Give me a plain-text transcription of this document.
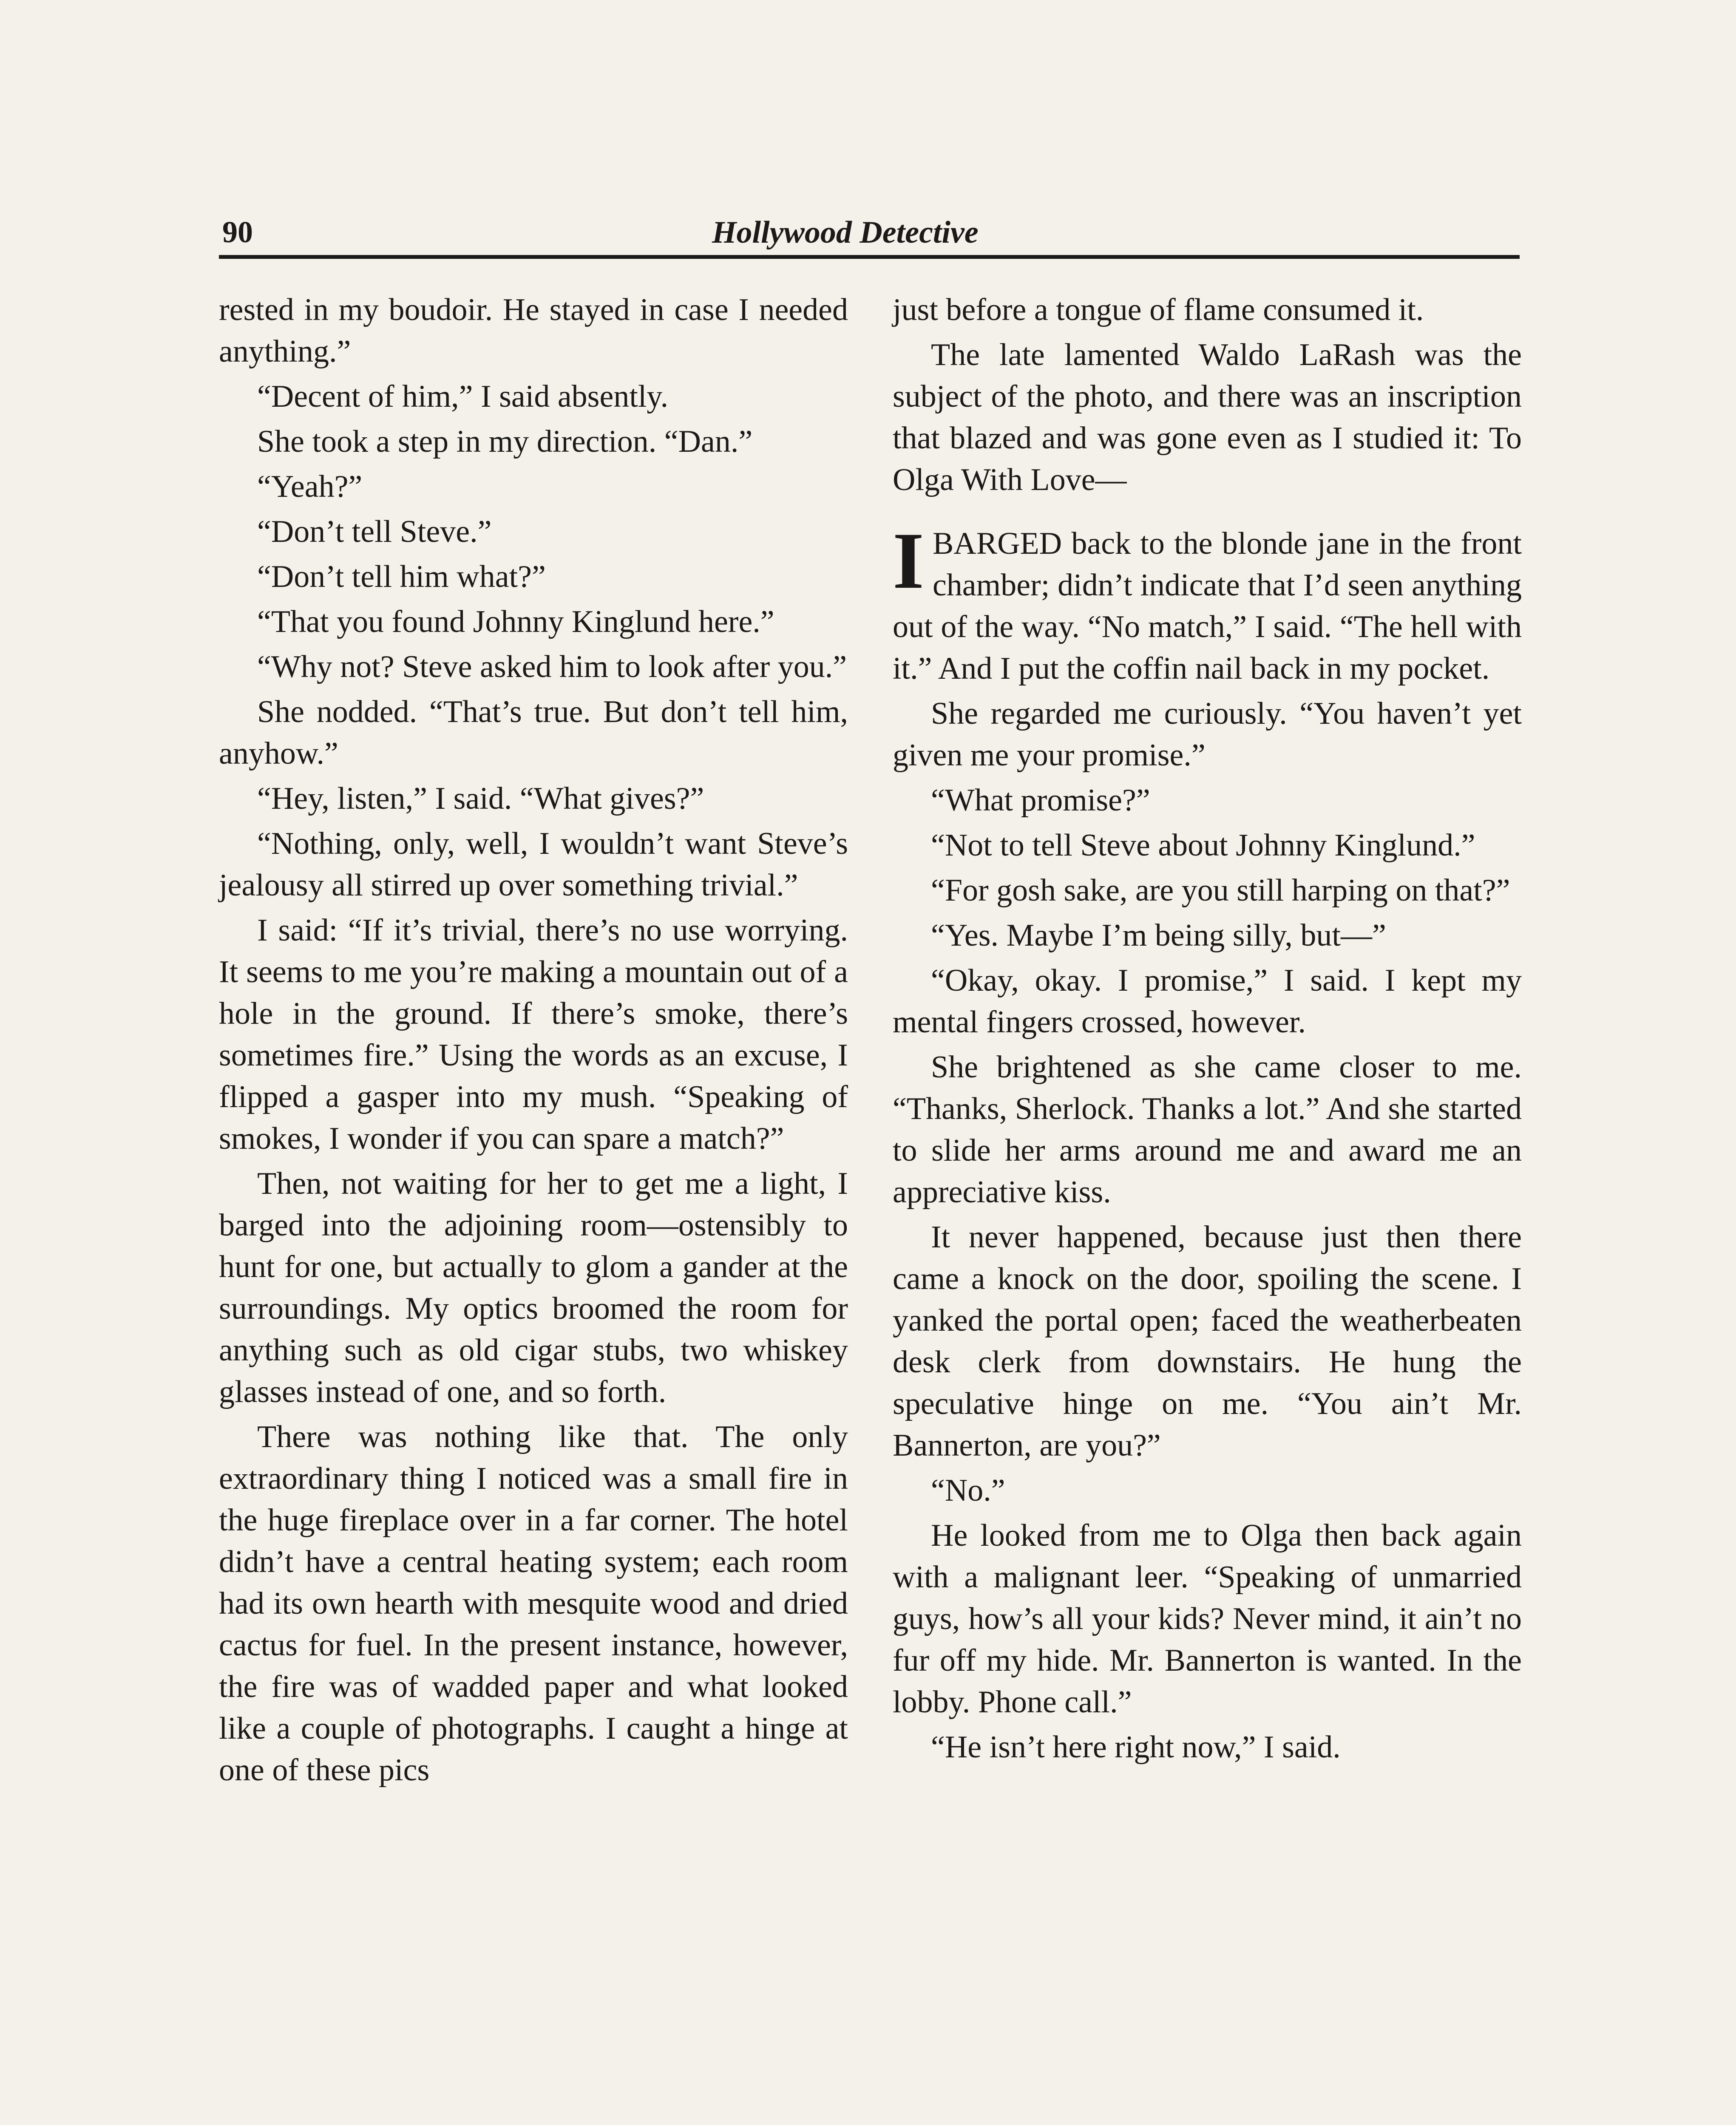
90	Hollywood Detective

rested in my boudoir. He stayed in case I needed anything.”

“Decent of him,” I said absently.

She took a step in my direction. “Dan.”

“Yeah?”

“Don’t tell Steve.”

“Don’t tell him what?”

“That you found Johnny Kinglund here.”

“Why not? Steve asked him to look after you.”

She nodded. “That’s true. But don’t tell him, anyhow.”

“Hey, listen,” I said. “What gives?”

“Nothing, only, well, I wouldn’t want Steve’s jealousy all stirred up over something trivial.”

I said: “If it’s trivial, there’s no use worrying. It seems to me you’re making a mountain out of a hole in the ground. If there’s smoke, there’s sometimes fire.” Using the words as an excuse, I flipped a gasper into my mush. “Speaking of smokes, I wonder if you can spare a match?”

Then, not waiting for her to get me a light, I barged into the adjoining room—ostensibly to hunt for one, but actually to glom a gander at the surroundings. My optics broomed the room for anything such as old cigar stubs, two whiskey glasses instead of one, and so forth.

There was nothing like that. The only extraordinary thing I noticed was a small fire in the huge fireplace over in a far corner. The hotel didn’t have a central heating system; each room had its own hearth with mesquite wood and dried cactus for fuel. In the present instance, however, the fire was of wadded paper and what looked like a couple of photographs. I caught a hinge at one of these pics

just before a tongue of flame consumed it.

The late lamented Waldo LaRash was the subject of the photo, and there was an inscription that blazed and was gone even as I studied it: To Olga With Love—

IBARGED back to the blonde jane in the front chamber; didn’t indicate that I’d seen anything out of the way. “No match,” I said. “The hell with it.” And I put the coffin nail back in my pocket.

She regarded me curiously. “You haven’t yet given me your promise.”

“What promise?”

“Not to tell Steve about Johnny Kinglund.”

“For gosh sake, are you still harping on that?”

“Yes. Maybe I’m being silly, but—”

“Okay, okay. I promise,” I said. I kept my mental fingers crossed, however.

She brightened as she came closer to me. “Thanks, Sherlock. Thanks a lot.” And she started to slide her arms around me and award me an appreciative kiss.

It never happened, because just then there came a knock on the door, spoiling the scene. I yanked the portal open; faced the weatherbeaten desk clerk from downstairs. He hung the speculative hinge on me. “You ain’t Mr. Bannerton, are you?”

“No.”

He looked from me to Olga then back again with a malignant leer. “Speaking of unmarried guys, how’s all your kids? Never mind, it ain’t no fur off my hide. Mr. Bannerton is wanted. In the lobby. Phone call.”

“He isn’t here right now,” I said.
